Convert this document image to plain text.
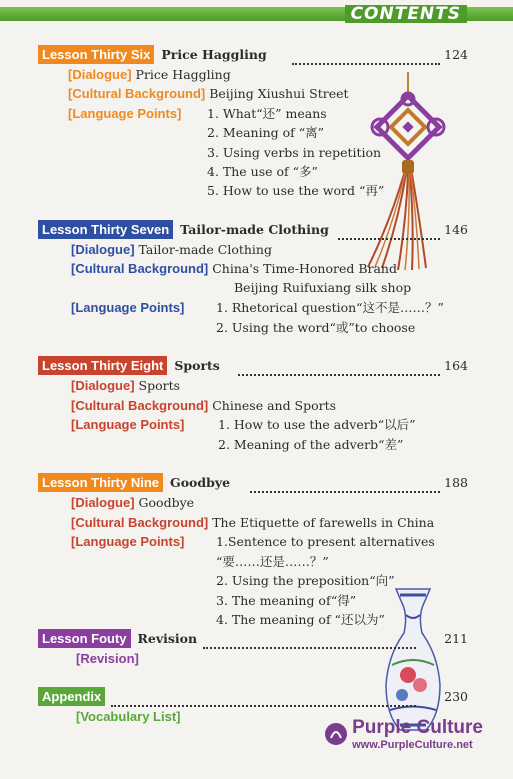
CONTENTS
Lesson Thirty Six Price Haggling	124
[Dialogue] Price Haggling
[Cultural Background] Beijing Xiushui Street
[Language Points] 1. What“还” means
2. Meaning of “离”
3. Using verbs in repetition
4. The use of “多”
5. How to use the word “再”
Lesson Thirty Seven Tailor-made Clothing	146
[Dialogue] Tailor-made Clothing
[Cultural Background] China's Time-Honored Brand
Beijing Ruifuxiang silk shop
[Language Points]	1. Rhetorical question“这不是……？”
2. Using the word“或”to choose
Lesson Thirty Eight Sports	164
[Dialogue] Sports
[Cultural Background] Chinese and Sports
[Language Points]	1. How to use the adverb“以后”
2. Meaning of the adverb“差”
Lesson Thirty Nine Goodbye	188
[Dialogue] Goodbye
[Cultural Background] The Etiquette of farewells in China
[Language Points]	1.Sentence to present alternatives
“要……还是……？”
2. Using the preposition“向”
3. The meaning of“得”
4. The meaning of “还以为”
Lesson Fouty Revision	211
[Revision]
Appendix	230
[Vocabulary List]
Purple Culture
www.PurpleCulture.net
